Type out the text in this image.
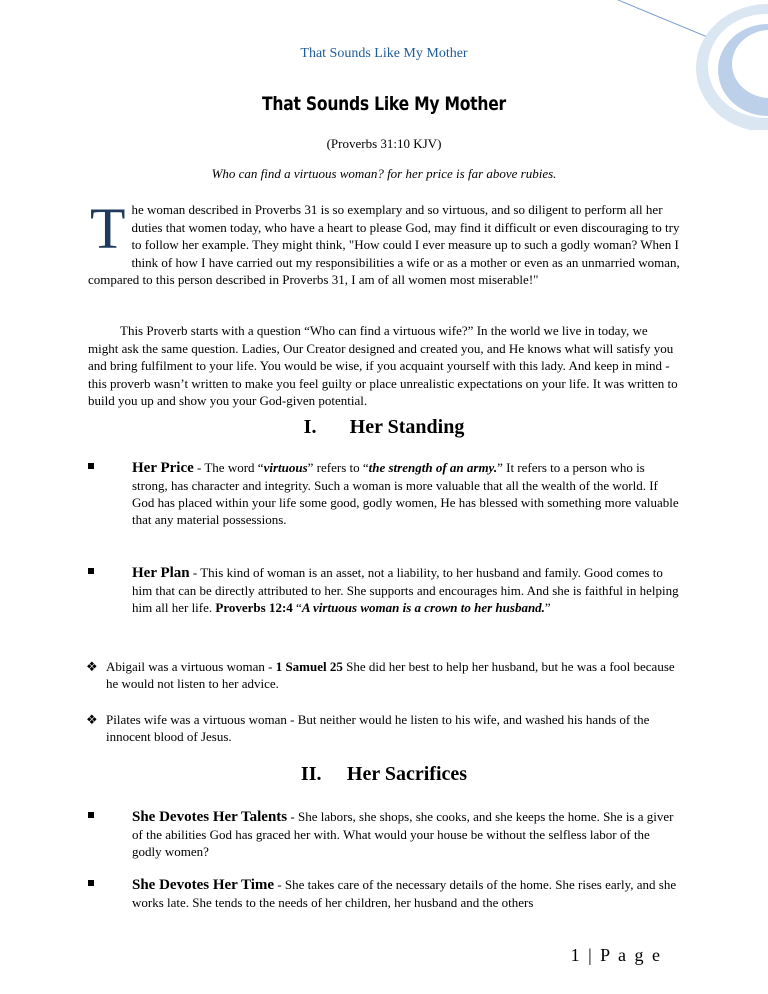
That Sounds Like My Mother
That Sounds Like My Mother
(Proverbs 31:10 KJV)
Who can find a virtuous woman? for her price is far above rubies.
The woman described in Proverbs 31 is so exemplary and so virtuous, and so diligent to perform all her duties that women today, who have a heart to please God, may find it difficult or even discouraging to try to follow her example. They might think, "How could I ever measure up to such a godly woman? When I think of how I have carried out my responsibilities a wife or as a mother or even as an unmarried woman, compared to this person described in Proverbs 31, I am of all women most miserable!"
This Proverb starts with a question “Who can find a virtuous wife?” In the world we live in today, we might ask the same question. Ladies, Our Creator designed and created you, and He knows what will satisfy you and bring fulfilment to your life. You would be wise, if you acquaint yourself with this lady. And keep in mind - this proverb wasn’t written to make you feel guilty or place unrealistic expectations on your life. It was written to build you up and show you your God-given potential.
I. Her Standing
Her Price - The word “virtuous” refers to “the strength of an army.” It refers to a person who is strong, has character and integrity. Such a woman is more valuable that all the wealth of the world. If God has placed within your life some good, godly women, He has blessed with something more valuable that any material possessions.
Her Plan - This kind of woman is an asset, not a liability, to her husband and family. Good comes to him that can be directly attributed to her. She supports and encourages him. And she is faithful in helping him all her life. Proverbs 12:4 “A virtuous woman is a crown to her husband.”
❖ Abigail was a virtuous woman - 1 Samuel 25 She did her best to help her husband, but he was a fool because he would not listen to her advice.
❖ Pilates wife was a virtuous woman - But neither would he listen to his wife, and washed his hands of the innocent blood of Jesus.
II. Her Sacrifices
She Devotes Her Talents - She labors, she shops, she cooks, and she keeps the home. She is a giver of the abilities God has graced her with. What would your house be without the selfless labor of the godly women?
She Devotes Her Time - She takes care of the necessary details of the home. She rises early, and she works late. She tends to the needs of her children, her husband and the others
1 | P a g e
